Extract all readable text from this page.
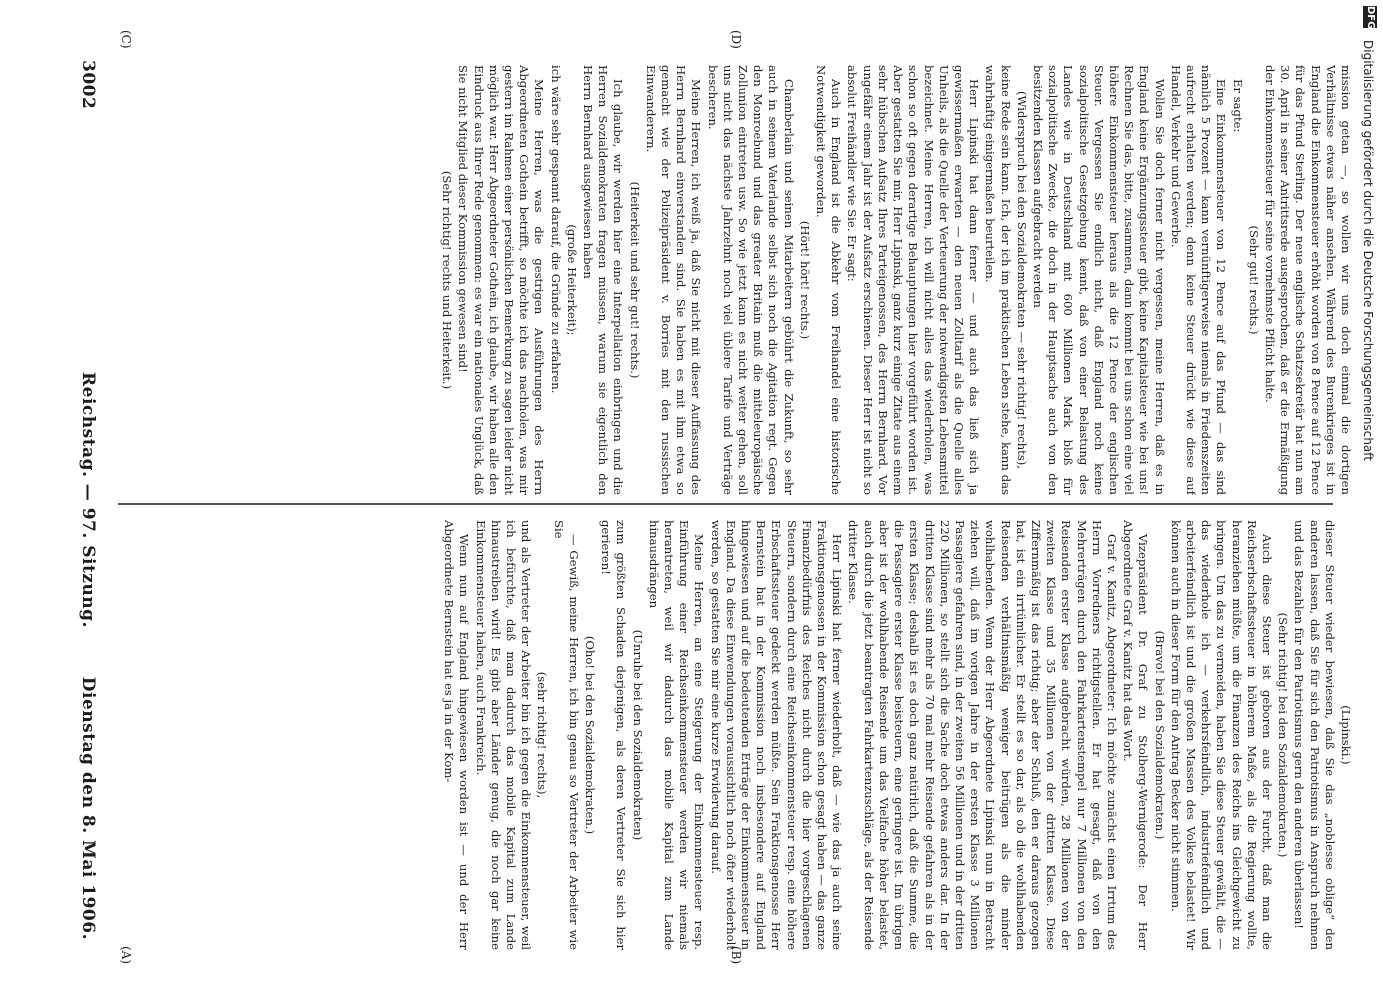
3002
Reichstag. — 97. Sitzung.
Dienstag den 8. Mai 1906.
(A)	(B)
(C)	(D)

(Lipinski.)

dieser Steuer wieder bewiesen, daß Sie das „noblesse oblige“ den anderen lassen, daß Sie für sich den Patriotismus in Anspruch nehmen und das Bezahlen für den Patriotismus gern den anderen überlassen!

(Sehr richtig! bei den Sozialdemokraten.)

Auch diese Steuer ist geboren aus der Furcht, daß man die Reichserbschaftssteuer in höherem Maße, als die Regierung wollte, heranziehen müßte, um die Finanzen des Reichs ins Gleichgewicht zu bringen. Um das zu vermeiden, haben Sie diese Steuer gewählt, die — das wiederhole ich — verkehrsfeindlich, industriefeindlich und arbeiterfeindlich ist und die großen Massen des Volkes belastet! Wir können auch in dieser Form für den Antrag Becker nicht stimmen.

(Bravo! bei den Sozialdemokraten.)

Vizepräsident Dr. Graf zu Stolberg-Wernigerode: Der Herr Abgeordnete Graf v. Kanitz hat das Wort.

Graf v. Kanitz, Abgeordneter: Ich möchte zunächst einen Irrtum des Herrn Vorredners richtigstellen. Er hat gesagt, daß von den Mehrerträgen durch den Fahrkartenstempel nur 7 Millionen von den Reisenden erster Klasse aufgebracht würden, 28 Millionen von der zweiten Klasse und 35 Millionen von der dritten Klasse. Diese Ziffernmäßig ist das richtig; aber der Schluß, den er daraus gezogen hat, ist ein irrtümlicher. Er stellt es so dar, als ob die wohlhabenden Reisenden verhältnismäßig weniger beitrügen als die minder wohlhabenden. Wenn der Herr Abgeordnete Lipinski nun in Betracht ziehen will, daß im vorigen Jahre in der ersten Klasse 3 Millionen Passagiere gefahren sind, in der zweiten 56 Millionen und in der dritten 220 Millionen, so stellt sich die Sache doch etwas anders dar. In der dritten Klasse sind mehr als 70 mal mehr Reisende gefahren als in der ersten Klasse; deshalb ist es doch ganz natürlich, daß die Summe, die die Passagiere erster Klasse beisteuern, eine geringere ist. Im übrigen aber ist der wohlhabende Reisende um das Vielfache höher belastet, auch durch die jetzt beantragten Fahrkartenzuschläge, als der Reisende dritter Klasse.

Herr Lipinski hat ferner wiederholt, daß — wie das ja auch seine Fraktionsgenossen in der Kommission schon gesagt haben — das ganze Finanzbedürfnis des Reiches nicht durch die hier vorgeschlagenen Steuern, sondern durch eine Reichseinkommensteuer resp. eine höhere Erbschaftssteuer gedeckt werden müßte. Sein Fraktionsgenosse Herr Bernstein hat in der Kommission noch insbesondere auf England hingewiesen und auf die bedeutenden Erträge der Einkommensteuer in England. Da diese Einwendungen voraussichtlich noch öfter wiederholt werden, so gestatten Sie mir eine kurze Erwiderung darauf.

Meine Herren, an eine Steigerung der Einkommensteuer resp. Einführung einer Reichseinkommensteuer werden wir niemals herantreten, weil wir dadurch das mobile Kapital zum Lande hinausdrängen

(Unruhe bei den Sozialdemokraten)

zum größten Schaden derjenigen, als deren Vertreter Sie sich hier gerieren!

(Oho! bei den Sozialdemokraten.)

— Gewiß, meine Herren, ich bin genau so Vertreter der Arbeiter wie Sie

(sehr richtig! rechts),

und als Vertreter der Arbeiter bin ich gegen die Einkommensteuer, weil ich befürchte, daß man dadurch das mobile Kapital zum Lande hinaustreiben wird! Es gibt aber Länder genug, die noch gar keine Einkommensteuer haben, auch Frankreich.

Wenn nun auf England hingewiesen worden ist — und der Herr Abgeordnete Bernstein hat es ja in der Kom-

mission getan —, so wollen wir uns doch einmal die dortigen Verhältnisse etwas näher ansehen. Während des Burenkrieges ist in England die Einkommensteuer erhöht worden von 8 Pence auf 12 Pence für das Pfund Sterling. Der neue englische Schatzsekretär hat nun am 30. April in seiner Antrittsrede ausgesprochen, daß er die Ermäßigung der Einkommensteuer für seine vornehmste Pflicht halte.

(Sehr gut! rechts.)

Er sagte:

Eine Einkommensteuer von 12 Pence auf das Pfund — das sind nämlich 5 Prozent — kann vernünftigerweise niemals in Friedenszeiten aufrecht erhalten werden; denn keine Steuer drückt wie diese auf Handel, Verkehr und Gewerbe.

Wollen Sie doch ferner nicht vergessen, meine Herren, daß es in England keine Ergänzungssteuer gibt, keine Kapitalsteuer wie bei uns! Rechnen Sie das, bitte, zusammen, dann kommt bei uns schon eine viel höhere Einkommensteuer heraus als die 12 Pence der englischen Steuer. Vergessen Sie endlich nicht, daß England noch keine sozialpolitische Gesetzgebung kennt, daß von einer Belastung des Landes wie in Deutschland mit 600 Millionen Mark bloß für sozialpolitische Zwecke, die doch in der Hauptsache auch von den besitzenden Klassen aufgebracht werden

(Widerspruch bei den Sozialdemokraten — sehr richtig! rechts),

keine Rede sein kann. Ich, der ich im praktischen Leben stehe, kann das wahrhaftig einigermaßen beurteilen.

Herr Lipinski hat dann ferner — und auch das ließ sich ja gewissermaßen erwarten — den neuen Zolltarif als die Quelle alles Unheils, als die Quelle der Verteuerung der notwendigsten Lebensmittel bezeichnet. Meine Herren, ich will nicht alles das wiederholen, was schon so oft gegen derartige Behauptungen hier vorgeführt worden ist. Aber gestatten Sie mir, Herr Lipinski, ganz kurz einige Zitate aus einem sehr hübschen Aufsatz Ihres Parteigenossen, des Herrn Bernhard. Vor ungefähr einem Jahr ist der Aufsatz erschienen. Dieser Herr ist nicht so absolut Freihändler wie Sie. Er sagt:

Auch in England ist die Abkehr vom Freihandel eine historische Notwendigkeit geworden.

(Hört! hört! rechts.)

Chamberlain und seinen Mitarbeitern gebührt die Zukunft, so sehr auch in seinem Vaterlande selbst sich noch die Agitation regt. Gegen den Monroebund und das greater Britain muß die mitteleuropäische Zollunion eintreten usw. So wie jetzt kann es nicht weiter gehen, soll uns nicht das nächste Jahrzehnt noch viel üblere Tarife und Verträge bescheren.

Meine Herren, ich weiß ja, daß Sie nicht mit dieser Auffassung des Herrn Bernhard einverstanden sind. Sie haben es mit ihm etwa so gemacht wie der Polizeipräsident v. Borries mit den russischen Einwanderern.

(Heiterkeit und sehr gut! rechts.)

Ich glaube, wir werden hier eine Interpellation einbringen und die Herren Sozialdemokraten fragen müssen, warum sie eigentlich den Herrn Bernhard ausgewiesen haben

(große Heiterkeit);

ich wäre sehr gespannt darauf, die Gründe zu erfahren.

Meine Herren, was die gestrigen Ausführungen des Herrn Abgeordneten Gothein betrifft, so möchte ich das nachholen, was mir gestern im Rahmen einer persönlichen Bemerkung zu sagen leider nicht möglich war. Herr Abgeordneter Gothein, ich glaube, wir haben alle den Eindruck aus Ihrer Rede genommen: es war ein nationales Unglück, daß Sie nicht Mitglied dieser Kommission gewesen sind!

(Sehr richtig! rechts und Heiterkeit.)

DFG
Digitalisierung gefördert durch die Deutsche Forschungsgemeinschaft
